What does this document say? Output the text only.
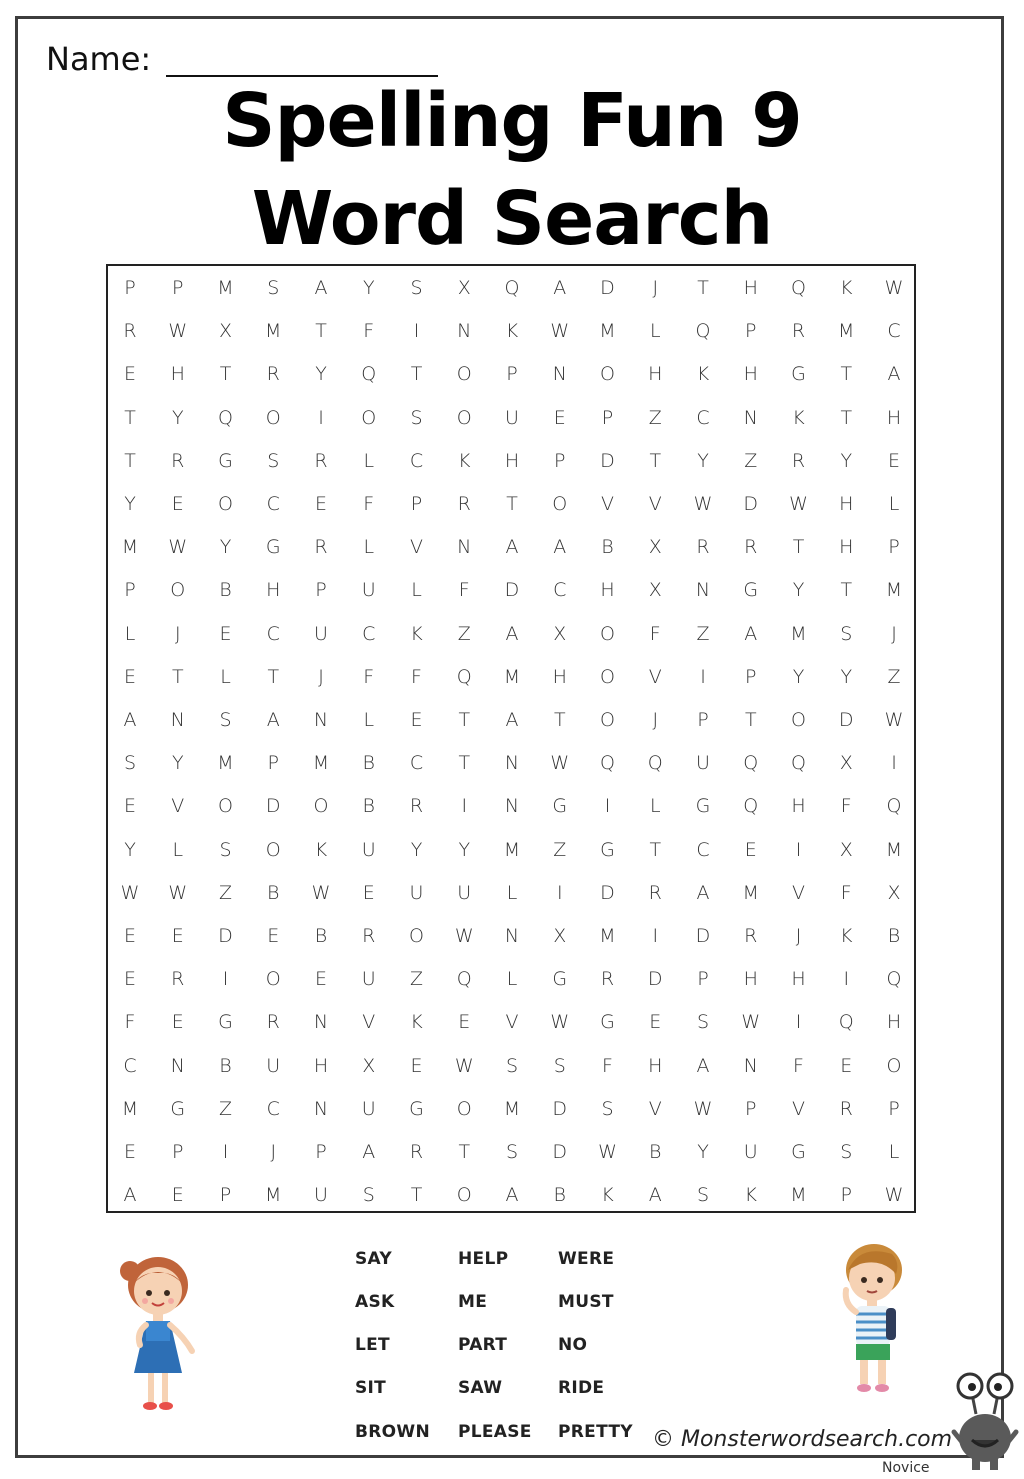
Name:
Spelling Fun 9
Word Search
P	P	M	S	A	Y	S	X	Q	A	D	J	T	H	Q	K	W
R	W	X	M	T	F	I	N	K	W	M	L	Q	P	R	M	C
E	H	T	R	Y	Q	T	O	P	N	O	H	K	H	G	T	A
T	Y	Q	O	I	O	S	O	U	E	P	Z	C	N	K	T	H
T	R	G	S	R	L	C	K	H	P	D	T	Y	Z	R	Y	E
Y	E	O	C	E	F	P	R	T	O	V	V	W	D	W	H	L
M	W	Y	G	R	L	V	N	A	A	B	X	R	R	T	H	P
P	O	B	H	P	U	L	F	D	C	H	X	N	G	Y	T	M
L	J	E	C	U	C	K	Z	A	X	O	F	Z	A	M	S	J
E	T	L	T	J	F	F	Q	M	H	O	V	I	P	Y	Y	Z
A	N	S	A	N	L	E	T	A	T	O	J	P	T	O	D	W
S	Y	M	P	M	B	C	T	N	W	Q	Q	U	Q	Q	X	I
E	V	O	D	O	B	R	I	N	G	I	L	G	Q	H	F	Q
Y	L	S	O	K	U	Y	Y	M	Z	G	T	C	E	I	X	M
W	W	Z	B	W	E	U	U	L	I	D	R	A	M	V	F	X
E	E	D	E	B	R	O	W	N	X	M	I	D	R	J	K	B
E	R	I	O	E	U	Z	Q	L	G	R	D	P	H	H	I	Q
F	E	G	R	N	V	K	E	V	W	G	E	S	W	I	Q	H
C	N	B	U	H	X	E	W	S	S	F	H	A	N	F	E	O
M	G	Z	C	N	U	G	O	M	D	S	V	W	P	V	R	P
E	P	I	J	P	A	R	T	S	D	W	B	Y	U	G	S	L
A	E	P	M	U	S	T	O	A	B	K	A	S	K	M	P	W
SAY
ASK
LET
SIT
BROWN
HELP
ME
PART
SAW
PLEASE
WERE
MUST
NO
RIDE
PRETTY © Monsterwordsearch.com
Novice
